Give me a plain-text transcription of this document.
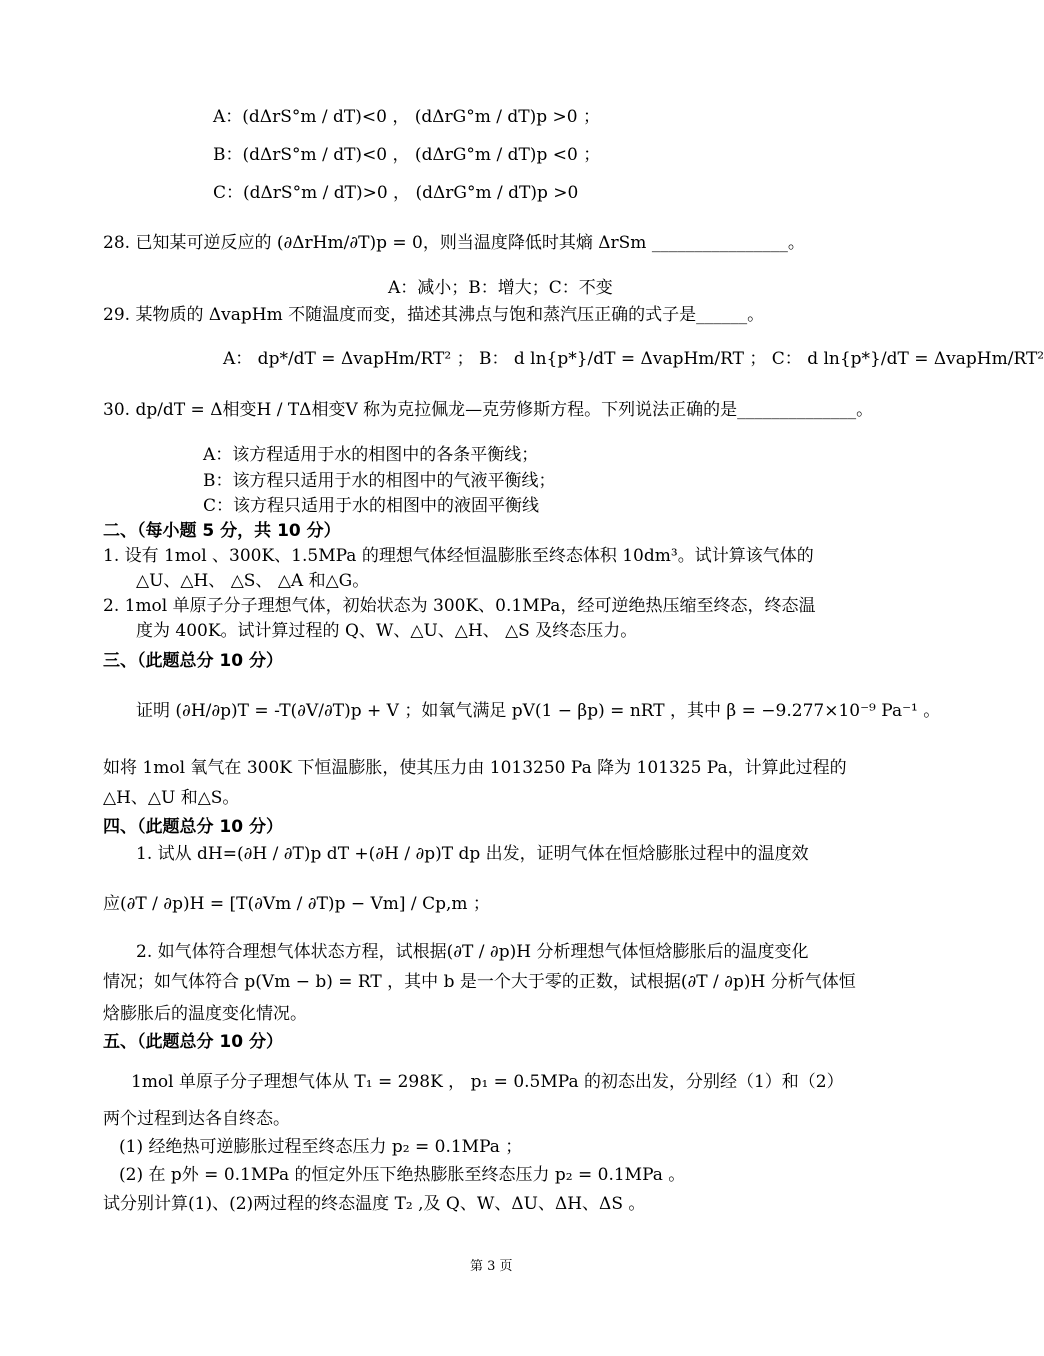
A：(dΔrS°m / dT)<0 ， (dΔrG°m / dT)p >0 ；
B：(dΔrS°m / dT)<0 ， (dΔrG°m / dT)p <0 ；
C：(dΔrS°m / dT)>0 ， (dΔrG°m / dT)p >0
28. 已知某可逆反应的 (∂ΔrHm/∂T)p = 0，则当温度降低时其熵 ΔrSm ________________。
A：减小；B：增大；C：不变
29. 某物质的 ΔvapHm 不随温度而变，描述其沸点与饱和蒸汽压正确的式子是______。
A： dp*/dT = ΔvapHm/RT² ； B： d ln{p*}/dT = ΔvapHm/RT ； C： d ln{p*}/dT = ΔvapHm/RT²
30. dp/dT = Δ相变H / TΔ相变V 称为克拉佩龙—克劳修斯方程。下列说法正确的是______________。
A：该方程适用于水的相图中的各条平衡线；
B：该方程只适用于水的相图中的气液平衡线；
C：该方程只适用于水的相图中的液固平衡线
二、（每小题 5 分，共 10 分）
1. 设有 1mol 、300K、1.5MPa 的理想气体经恒温膨胀至终态体积 10dm³。试计算该气体的
△U、△H、 △S、 △A 和△G。
2. 1mol 单原子分子理想气体，初始状态为 300K、0.1MPa，经可逆绝热压缩至终态，终态温
度为 400K。试计算过程的 Q、W、△U、△H、 △S 及终态压力。
三、（此题总分 10 分）
证明 (∂H/∂p)T = -T(∂V/∂T)p + V ；如氧气满足 pV(1 − βp) = nRT ，其中 β = −9.277×10⁻⁹ Pa⁻¹ 。
如将 1mol 氧气在 300K 下恒温膨胀，使其压力由 1013250 Pa 降为 101325 Pa，计算此过程的
△H、△U 和△S。
四、（此题总分 10 分）
1. 试从 dH=(∂H / ∂T)p dT +(∂H / ∂p)T dp 出发，证明气体在恒焓膨胀过程中的温度效
应(∂T / ∂p)H = [T(∂Vm / ∂T)p − Vm] / Cp,m ；
2. 如气体符合理想气体状态方程，试根据(∂T / ∂p)H 分析理想气体恒焓膨胀后的温度变化
情况；如气体符合 p(Vm − b) = RT ，其中 b 是一个大于零的正数，试根据(∂T / ∂p)H 分析气体恒
焓膨胀后的温度变化情况。
五、（此题总分 10 分）
1mol 单原子分子理想气体从 T₁ = 298K ， p₁ = 0.5MPa 的初态出发，分别经（1）和（2）
两个过程到达各自终态。
(1) 经绝热可逆膨胀过程至终态压力 p₂ = 0.1MPa ；
(2) 在 p外 = 0.1MPa 的恒定外压下绝热膨胀至终态压力 p₂ = 0.1MPa 。
试分别计算(1)、(2)两过程的终态温度 T₂ ,及 Q、W、ΔU、ΔH、ΔS 。
第 3 页
